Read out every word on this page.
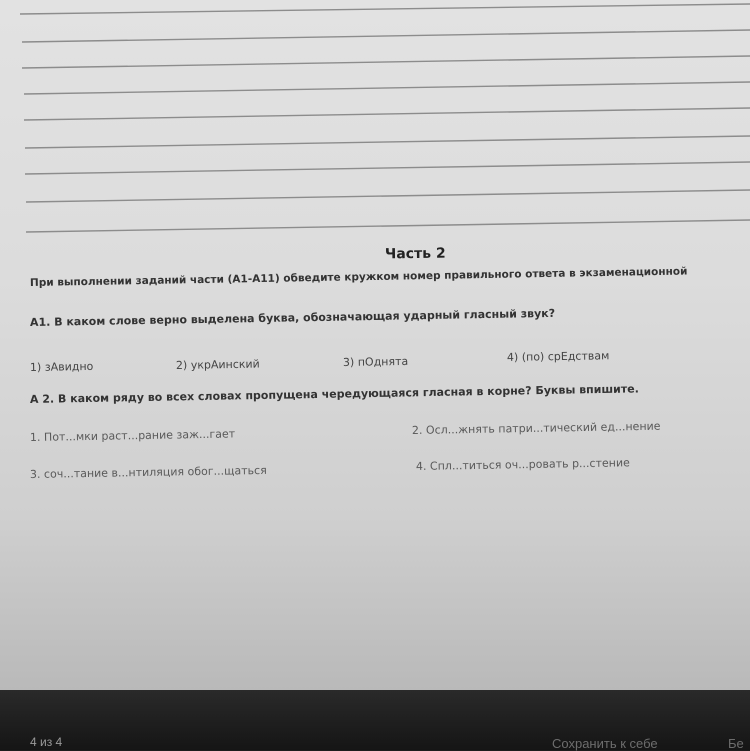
Часть 2
При выполнении заданий части (А1-А11) обведите кружком номер правильного ответа в экзаменационной
А1. В каком слове верно выделена буква, обозначающая ударный гласный звук?
1) зАвидно	2) укрАинский	3) пОднята	4) (по) срЕдствам
А 2. В каком ряду во всех словах пропущена чередующаяся гласная в корне? Буквы впишите.
1. Пот...мки раст...рание заж...гает	2. Осл...жнять патри...тический ед...нение
3. соч...тание в...нтиляция обог...щаться	4. Спл...титься оч...ровать р...стение
4 из 4	Сохранить к себе	Бе
